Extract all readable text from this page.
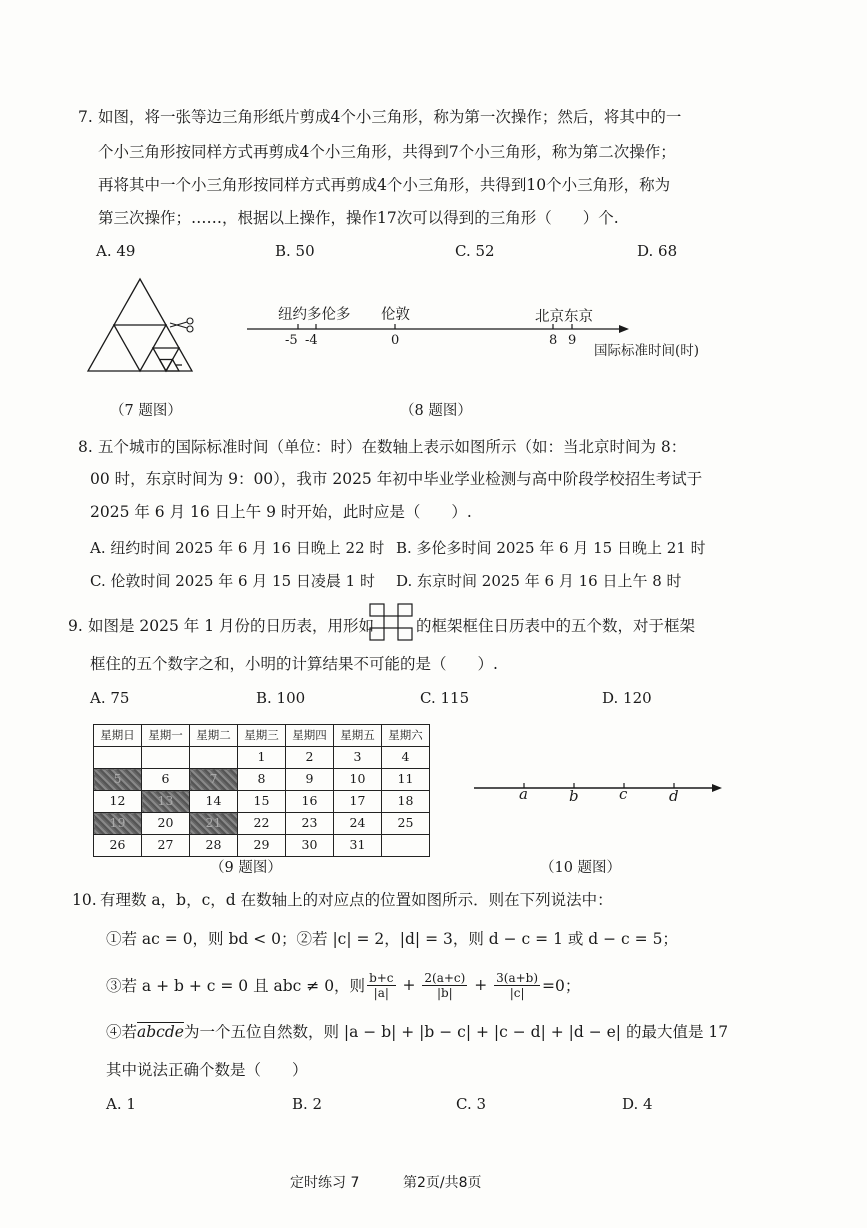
7. 如图，将一张等边三角形纸片剪成4个小三角形，称为第一次操作；然后，将其中的一
个小三角形按同样方式再剪成4个小三角形，共得到7个小三角形，称为第二次操作；
再将其中一个小三角形按同样方式再剪成4个小三角形，共得到10个小三角形，称为
第三次操作；……，根据以上操作，操作17次可以得到的三角形（　　）个.
A. 49	B. 50	C. 52	D. 68
（7 题图）
纽约多伦多 伦敦	北京东京
-5 -4	0	8 9
国际标准时间(时)
（8 题图）
8. 五个城市的国际标准时间（单位：时）在数轴上表示如图所示（如：当北京时间为 8：
00 时，东京时间为 9：00），我市 2025 年初中毕业学业检测与高中阶段学校招生考试于
2025 年 6 月 16 日上午 9 时开始，此时应是（　　）.
A. 纽约时间 2025 年 6 月 16 日晚上 22 时 B. 多伦多时间 2025 年 6 月 15 日晚上 21 时
C. 伦敦时间 2025 年 6 月 15 日凌晨 1 时 D. 东京时间 2025 年 6 月 16 日上午 8 时
9. 如图是 2025 年 1 月份的日历表，用形如	的框架框住日历表中的五个数，对于框架
框住的五个数字之和，小明的计算结果不可能的是（　　）.
A. 75	B. 100	C. 115	D. 120
星期日	星期一	星期二	星期三	星期四	星期五	星期六
			1	2	3	4
5	6	7	8	9	10	11
12	13	14	15	16	17	18
19	20	21	22	23	24	25
26	27	28	29	30	31	
（9 题图）
a	b	c	d
（10 题图）
10. 有理数 a，b，c，d 在数轴上的对应点的位置如图所示．则在下列说法中：
①若 ac = 0，则 bd < 0；②若 |c| = 2，|d| = 3，则 d − c = 1 或 d − c = 5；
③若 a + b + c = 0 且 abc ≠ 0，则 $\frac{b+c}{|a|} + \frac{2(a+c)}{|b|} + \frac{3(a+b)}{|c|} =0$；
④若abcde为一个五位自然数，则 |a − b| + |b − c| + |c − d| + |d − e| 的最大值是 17
其中说法正确个数是（　　）
A. 1	B. 2	C. 3	D. 4
定时练习 7	第2页/共8页
